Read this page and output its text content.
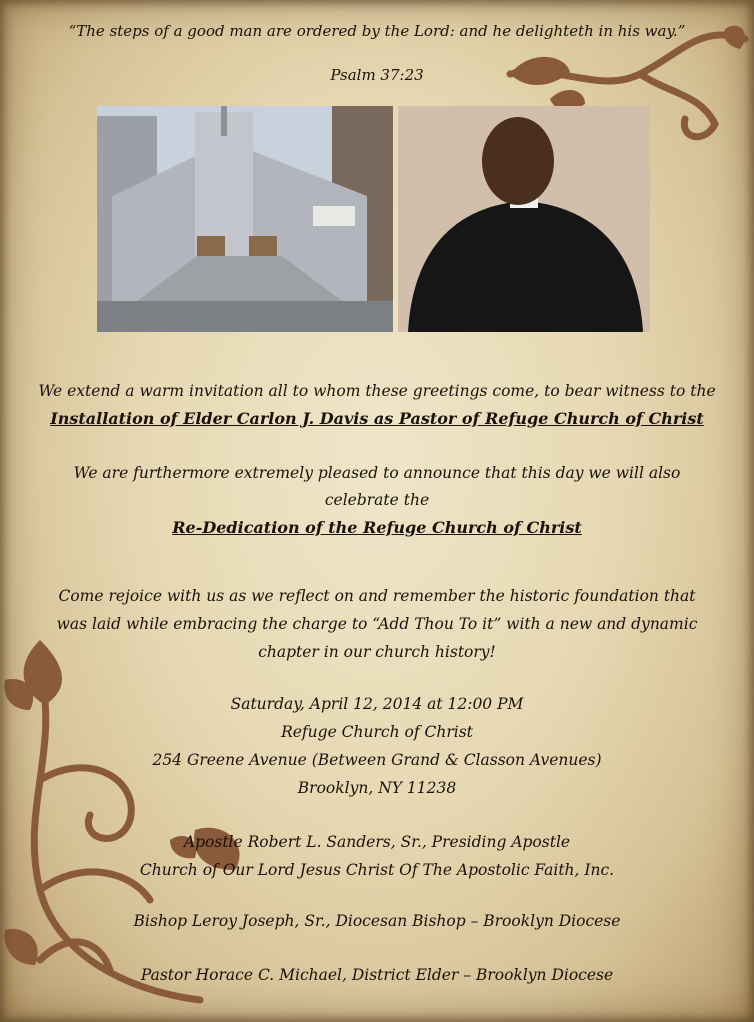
“The steps of a good man are ordered by the Lord: and he delighteth in his way.”
Psalm 37:23
We extend a warm invitation all to whom these greetings come, to bear witness to the
Installation of Elder Carlon J. Davis as Pastor of Refuge Church of Christ
We are furthermore extremely pleased to announce that this day we will also celebrate the
Re-Dedication of the Refuge Church of Christ
Come rejoice with us as we reflect on and remember the historic foundation that was laid while embracing the charge to “Add Thou To it” with a new and dynamic chapter in our church history!
Saturday, April 12, 2014 at 12:00 PM
Refuge Church of Christ
254 Greene Avenue (Between Grand & Classon Avenues)
Brooklyn, NY 11238
Apostle Robert L. Sanders, Sr., Presiding Apostle
Church of Our Lord Jesus Christ Of The Apostolic Faith, Inc.
Bishop Leroy Joseph, Sr., Diocesan Bishop – Brooklyn Diocese
Pastor Horace C. Michael, District Elder – Brooklyn Diocese
